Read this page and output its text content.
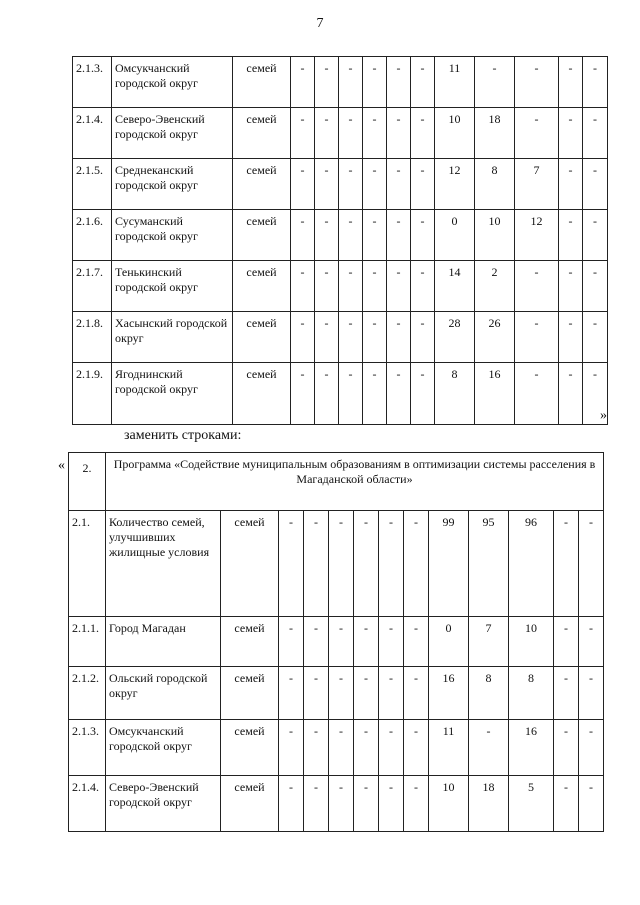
7
2.1.3.	Омсукчанский городской округ	семей	-	-	-	-	-	-	11	-	-	-	-
2.1.4.	Северо-Эвенский городской округ	семей	-	-	-	-	-	-	10	18	-	-	-
2.1.5.	Среднеканский городской округ	семей	-	-	-	-	-	-	12	8	7	-	-
2.1.6.	Сусуманский городской округ	семей	-	-	-	-	-	-	0	10	12	-	-
2.1.7.	Тенькинский городской округ	семей	-	-	-	-	-	-	14	2	-	-	-
2.1.8.	Хасынский городской округ	семей	-	-	-	-	-	-	28	26	-	-	-
2.1.9.	Ягоднинский городской округ	семей	-	-	-	-	-	-	8	16	-	-	-
»
заменить строками:
« 2.	Программа «Содействие муниципальным образованиям в оптимизации системы расселения в Магаданской области»												
2.1.	Количество семей, улучшивших жилищные условия	семей	-	-	-	-	-	-	99	95	96	-	-
2.1.1.	Город Магадан	семей	-	-	-	-	-	-	0	7	10	-	-
2.1.2.	Ольский городской округ	семей	-	-	-	-	-	-	16	8	8	-	-
2.1.3.	Омсукчанский городской округ	семей	-	-	-	-	-	-	11	-	16	-	-
2.1.4.	Северо-Эвенский городской округ	семей	-	-	-	-	-	-	10	18	5	-	-
